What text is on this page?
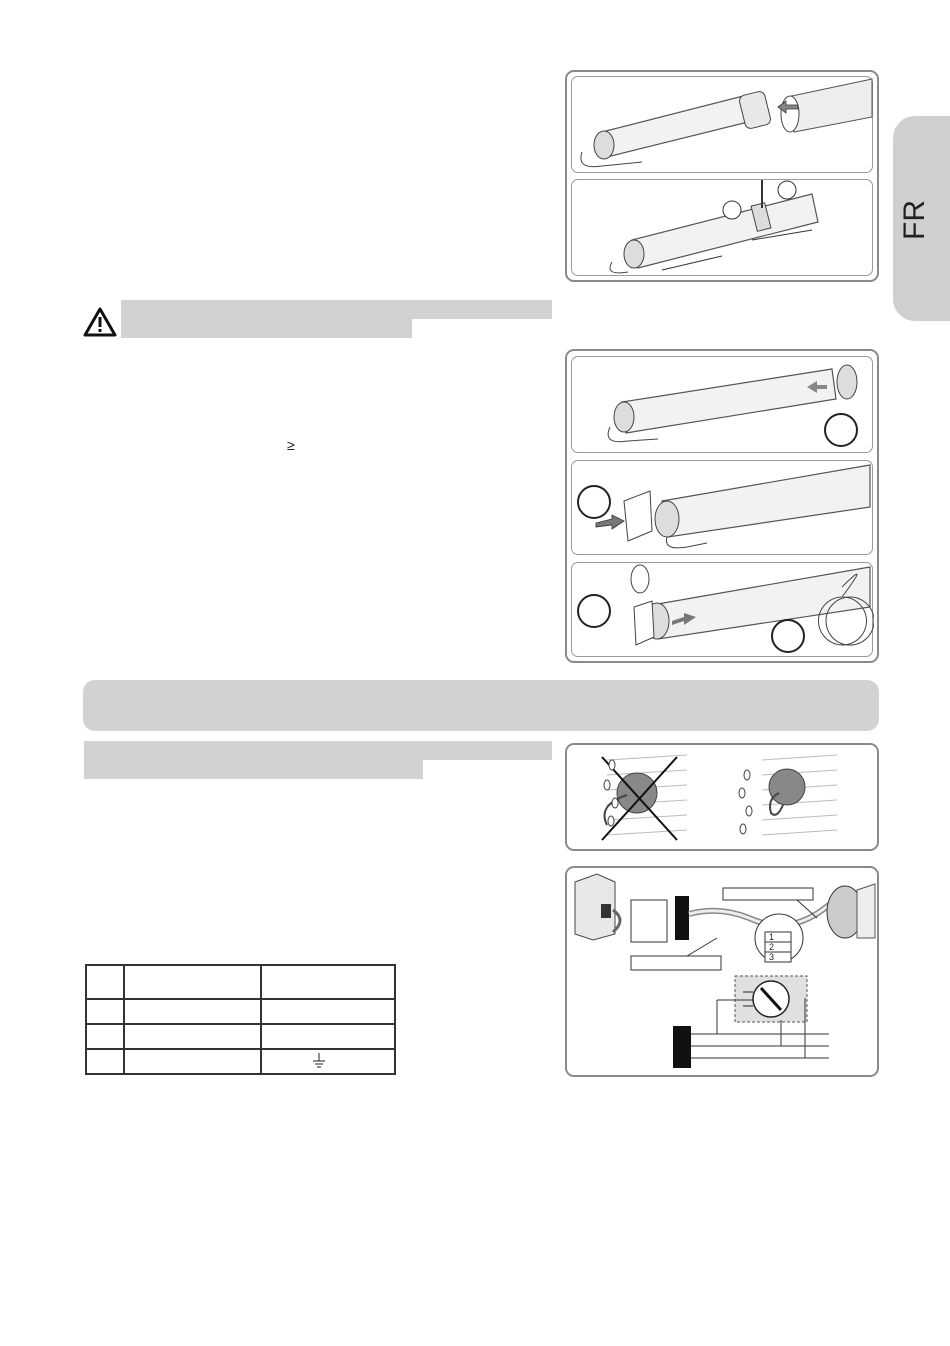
FR
≥
1
2
3
